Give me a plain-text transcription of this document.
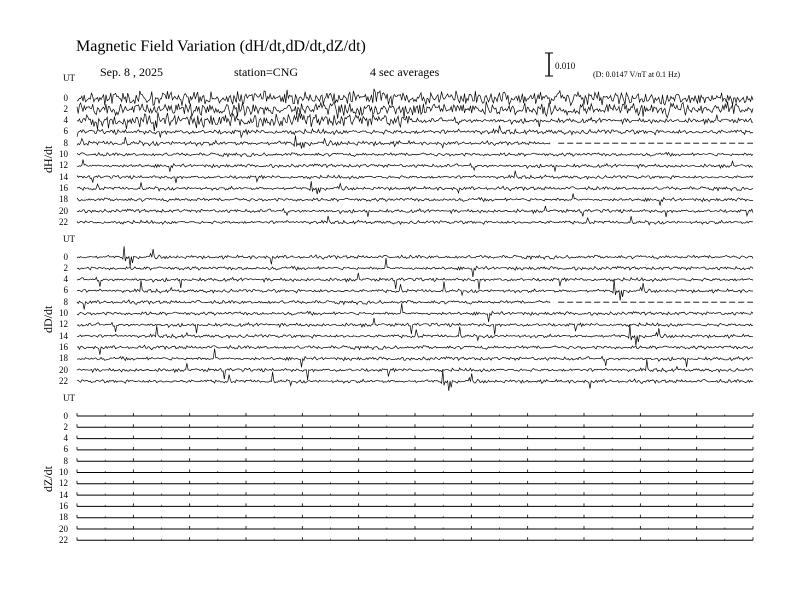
Magnetic Field Variation (dH/dt,dD/dt,dZ/dt)
Sep. 8 , 2025	station=CNG	4 sec averages	0.010
(D: 0.0147 V/nT at 0.1 Hz)
UT
UT
UT
dH/dt
dD/dt
dZ/dt
0
2
4
6
8
10
12
14
16
18
20
22
0
2
4
6
8
10
12
14
16
18
20
22
0
2
4
6
8
10
12
14
16
18
20
22
